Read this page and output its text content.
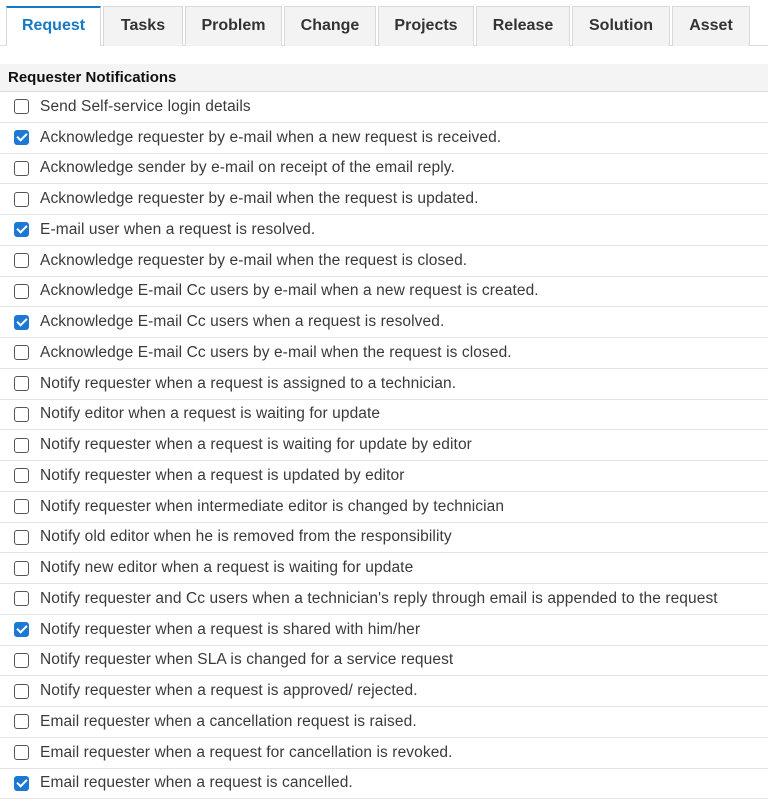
Request	Tasks	Problem	Change	Projects	Release	Solution	Asset
Requester Notifications
Send Self-service login details
Acknowledge requester by e-mail when a new request is received.
Acknowledge sender by e-mail on receipt of the email reply.
Acknowledge requester by e-mail when the request is updated.
E-mail user when a request is resolved.
Acknowledge requester by e-mail when the request is closed.
Acknowledge E-mail Cc users by e-mail when a new request is created.
Acknowledge E-mail Cc users when a request is resolved.
Acknowledge E-mail Cc users by e-mail when the request is closed.
Notify requester when a request is assigned to a technician.
Notify editor when a request is waiting for update
Notify requester when a request is waiting for update by editor
Notify requester when a request is updated by editor
Notify requester when intermediate editor is changed by technician
Notify old editor when he is removed from the responsibility
Notify new editor when a request is waiting for update
Notify requester and Cc users when a technician's reply through email is appended to the request
Notify requester when a request is shared with him/her
Notify requester when SLA is changed for a service request
Notify requester when a request is approved/ rejected.
Email requester when a cancellation request is raised.
Email requester when a request for cancellation is revoked.
Email requester when a request is cancelled.
